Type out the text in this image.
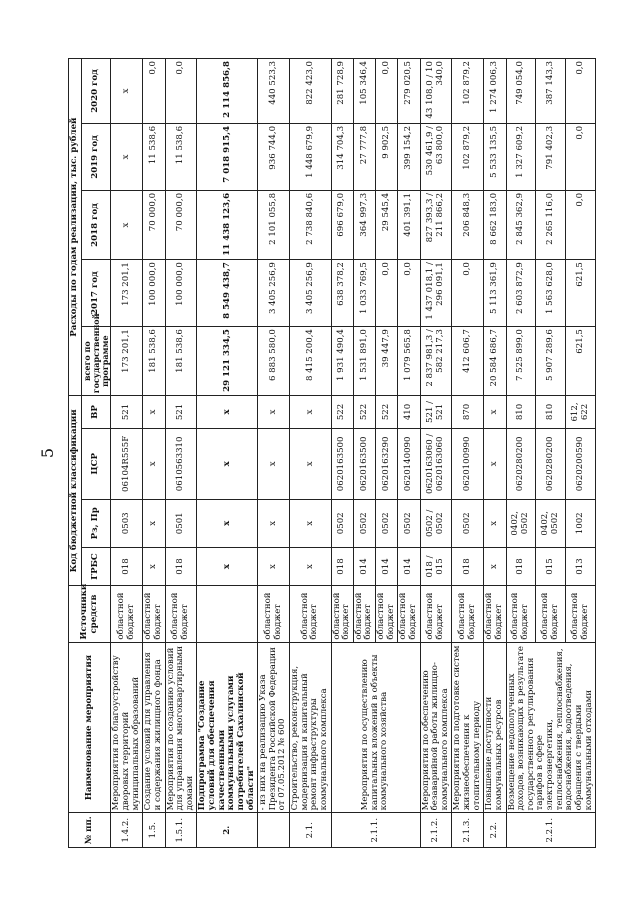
5
№ пп.	Наименование мероприятия	Источники средств	Код бюджетной классификации				Расходы по годам реализации, тыс. рублей				
			ГРБС	Рз, Пр	ЦСР	ВР	всего по государственной программе	2017 год	2018 год	2019 год	2020 год
1.4.2.	Мероприятия по благоустройству дворовых территорий муниципальных образований	областной бюджет	018	0503	06104R555F	521	173 201,1	173 201,1	х	х	х
1.5.	Создание условий для управления и содержания жилищного фонда	областной бюджет	х	х	х	х	181 538,6	100 000,0	70 000,0	11 538,6	0,0
1.5.1.	Мероприятия по созданию условий для управления многоквартирными домами	областной бюджет	018	0501	0610563310	521	181 538,6	100 000,0	70 000,0	11 538,6	0,0
2.	Подпрограмма "Создание условий для обеспечения качественными коммунальными услугами потребителей Сахалинской области"		х	х	х	х	29 121 334,5	8 549 438,7	11 438 123,6	7 018 915,4	2 114 856,8
	- из них на реализацию Указа Президента Российской Федерации от 07.05.2012 № 600	областной бюджет	х	х	х	х	6 883 580,0	3 405 256,9	2 101 055,8	936 744,0	440 523,3
2.1.	Строительство, реконструкция, модернизация и капитальный ремонт инфраструктуры коммунального комплекса	областной бюджет	х	х	х	х	8 415 200,4	3 405 256,9	2 738 840,6	1 448 679,9	822 423,0
2.1.1.	Мероприятия по осуществлению капитальных вложений в объекты коммунального хозяйства	областной бюджет	018	0502	0620163500	522	1 931 490,4	638 378,2	696 679,0	314 704,3	281 728,9
		областной бюджет	014	0502	0620163500	522	1 531 891,0	1 033 769,5	364 997,3	27 777,8	105 346,4
		областной бюджет	014	0502	0620163290	522	39 447,9	0,0	29 545,4	9 902,5	0,0
		областной бюджет	014	0502	0620140090	410	1 079 565,8	0,0	401 391,1	399 154,2	279 020,5
2.1.2.	Мероприятия по обеспечению безаварийной работы жилищно-коммунального комплекса	областной бюджет	018 / 015	0502 / 0502	0620163060 / 0620163060	521 / 521	2 837 981,3 / 582 217,3	1 437 018,1 / 296 091,1	827 393,3 / 211 866,2	530 461,9 / 63 800,0	43 108,0 / 10 340,0
2.1.3.	Мероприятия по подготовке систем жизнеобеспечения к отопительному периоду	областной бюджет	018	0502	0620100990	870	412 606,7	0,0	206 848,3	102 879,2	102 879,2
2.2.	Повышение доступности коммунальных ресурсов	областной бюджет	х	х	х	х	20 584 686,7	5 113 361,9	8 662 183,0	5 533 135,5	1 274 006,3
2.2.1.	Возмещение недополученных доходов, возникающих в результате государственного регулирования тарифов в сфере электроэнергетики, теплоснабжения, теплоснабжения, водоснабжения, водоотведения, обращения с твердыми коммунальными отходами	областной бюджет	018	0402, 0502	0620280200	810	7 525 899,0	2 603 872,9	2 845 362,9	1 327 609,2	749 054,0
		областной бюджет	015	0402, 0502	0620280200	810	5 907 289,6	1 563 628,0	2 265 116,0	791 402,3	387 143,3
		областной бюджет	013	1002	0620200590	612, 622	621,5	621,5	0,0	0,0	0,0
